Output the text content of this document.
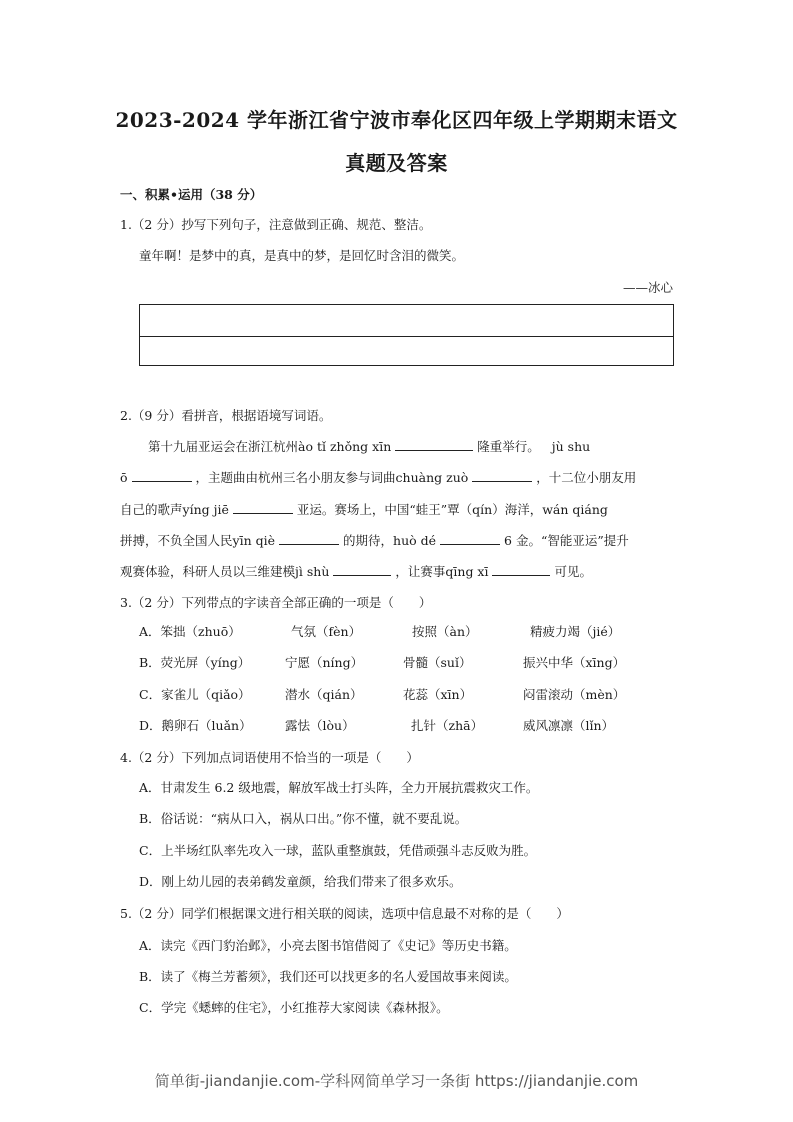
2023-2024 学年浙江省宁波市奉化区四年级上学期期末语文
真题及答案
一、积累•运用（38 分）
1.（2 分）抄写下列句子，注意做到正确、规范、整洁。
童年啊！是梦中的真，是真中的梦，是回忆时含泪的微笑。
——冰心
2.（9 分）看拼音，根据语境写词语。
第十九届亚运会在浙江杭州ào tǐ zhǒng xīn	隆重举行。 jù shu
ō	，主题曲由杭州三名小朋友参与词曲chuàng zuò	，十二位小朋友用
自己的歌声yíng jiē	亚运。赛场上，中国“蛙王”覃（qín）海洋，wán qiáng
拼搏，不负全国人民yīn qiè	的期待，huò dé	6 金。“智能亚运”提升
观赛体验，科研人员以三维建模jì shù	，让赛事qīng xī	可见。
3.（2 分）下列带点的字读音全部正确的一项是（　　）
A．笨拙（zhuō）	气氛（fèn）	按照（àn）	精疲力竭（jié）
B．荧光屏（yíng）	宁愿（níng）	骨髓（suǐ）	振兴中华（xīng）
C．家雀儿（qiǎo）	潜水（qián）	花蕊（xīn）	闷雷滚动（mèn）
D．鹅卵石（luǎn）	露怯（lòu）	扎针（zhā）	威风凛凛（lǐn）
4.（2 分）下列加点词语使用不恰当的一项是（　　）
A．甘肃发生 6.2 级地震，解放军战士打头阵，全力开展抗震救灾工作。
B．俗话说：“病从口入，祸从口出。”你不懂，就不要乱说。
C．上半场红队率先攻入一球，蓝队重整旗鼓，凭借顽强斗志反败为胜。
D．刚上幼儿园的表弟鹤发童颜，给我们带来了很多欢乐。
5.（2 分）同学们根据课文进行相关联的阅读，选项中信息最不对称的是（　　）
A．读完《西门豹治邺》，小亮去图书馆借阅了《史记》等历史书籍。
B．读了《梅兰芳蓄须》，我们还可以找更多的名人爱国故事来阅读。
C．学完《蟋蟀的住宅》，小红推荐大家阅读《森林报》。
简单街-jiandanjie.com-学科网简单学习一条街 https://jiandanjie.com
